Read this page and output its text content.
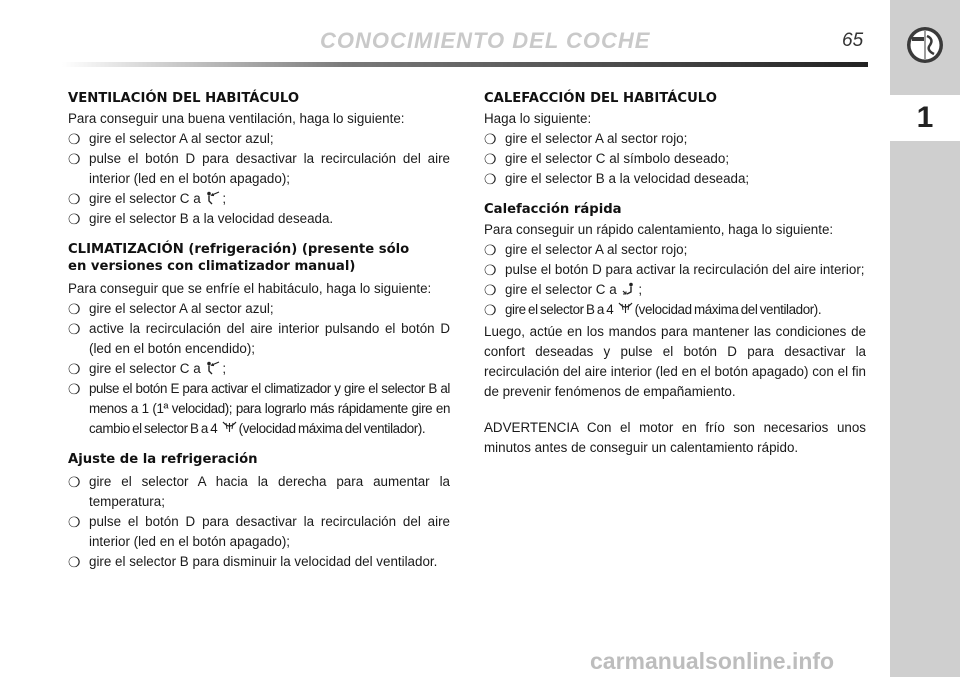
CONOCIMIENTO DEL COCHE	65
1
VENTILACIÓN DEL HABITÁCULO

Para conseguir una buena ventilación, haga lo siguiente:

❍ gire el selector A al sector azul;
❍ pulse el botón D para desactivar la recirculación del aire interior (led en el botón apagado);
❍ gire el selector C a ;
❍ gire el selector B a la velocidad deseada.
CLIMATIZACIÓN (refrigeración) (presente sólo
en versiones con climatizador manual)

Para conseguir que se enfríe el habitáculo, haga lo siguiente:

❍ gire el selector A al sector azul;
❍ active la recirculación del aire interior pulsando el botón D (led en el botón encendido);
❍ gire el selector C a ;
❍ pulse el botón E para activar el climatizador y gire el selector B al menos a 1 (1ª velocidad); para lograrlo más rápidamente gire en cambio el selector B a 4 (velocidad máxima del ventilador).
Ajuste de la refrigeración
❍ gire el selector A hacia la derecha para aumentar la temperatura;
❍ pulse el botón D para desactivar la recirculación del aire interior (led en el botón apagado);
❍ gire el selector B para disminuir la velocidad del ventilador.
CALEFACCIÓN DEL HABITÁCULO

Haga lo siguiente:

❍ gire el selector A al sector rojo;
❍ gire el selector C al símbolo deseado;
❍ gire el selector B a la velocidad deseada;
Calefacción rápida

Para conseguir un rápido calentamiento, haga lo siguiente:

❍ gire el selector A al sector rojo;
❍ pulse el botón D para activar la recirculación del aire interior;
❍ gire el selector C a ;
❍ gire el selector B a 4 (velocidad máxima del ventilador).

Luego, actúe en los mandos para mantener las condiciones de confort deseadas y pulse el botón D para desactivar la recirculación del aire interior (led en el botón apagado) con el fin de prevenir fenómenos de empañamiento.

ADVERTENCIA Con el motor en frío son necesarios unos minutos antes de conseguir un calentamiento rápido.

carmanualsonline.info
